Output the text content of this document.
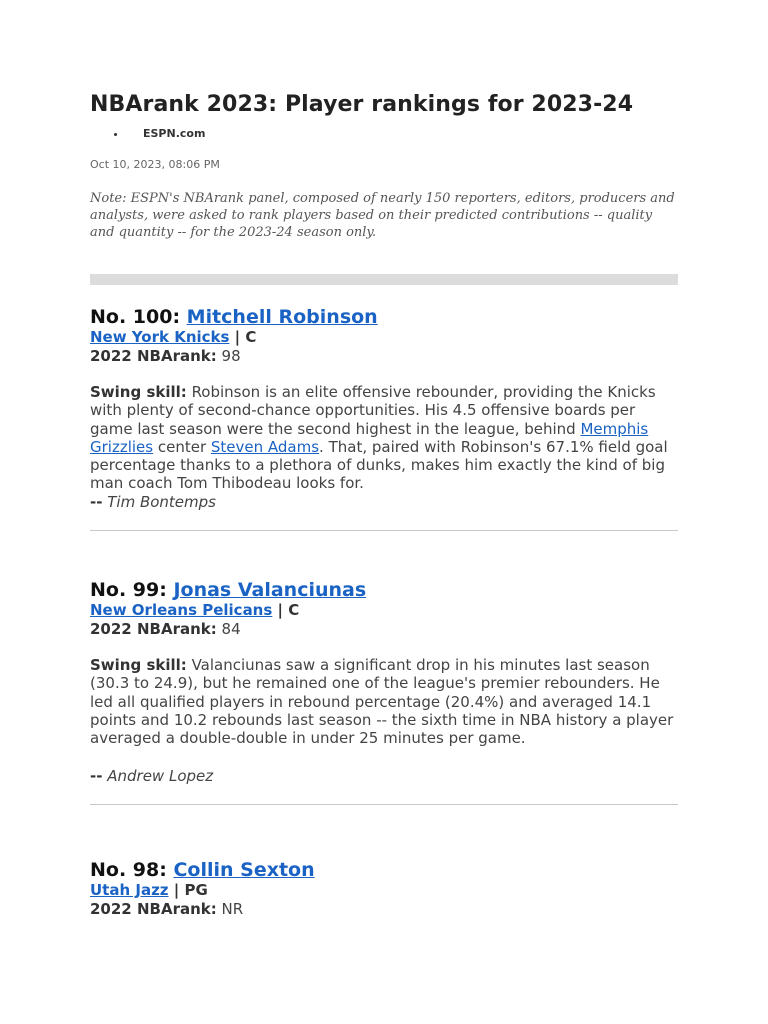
NBArank 2023: Player rankings for 2023-24
• ESPN.com
Oct 10, 2023, 08:06 PM
Note: ESPN's NBArank panel, composed of nearly 150 reporters, editors, producers and analysts, were asked to rank players based on their predicted contributions -- quality and quantity -- for the 2023-24 season only.
No. 100: Mitchell Robinson
New York Knicks | C
2022 NBArank: 98
Swing skill: Robinson is an elite offensive rebounder, providing the Knicks with plenty of second-chance opportunities. His 4.5 offensive boards per game last season were the second highest in the league, behind Memphis Grizzlies center Steven Adams. That, paired with Robinson's 67.1% field goal percentage thanks to a plethora of dunks, makes him exactly the kind of big man coach Tom Thibodeau looks for.
-- Tim Bontemps
No. 99: Jonas Valanciunas
New Orleans Pelicans | C
2022 NBArank: 84
Swing skill: Valanciunas saw a significant drop in his minutes last season (30.3 to 24.9), but he remained one of the league's premier rebounders. He led all qualified players in rebound percentage (20.4%) and averaged 14.1 points and 10.2 rebounds last season -- the sixth time in NBA history a player averaged a double-double in under 25 minutes per game.
-- Andrew Lopez
No. 98: Collin Sexton
Utah Jazz | PG
2022 NBArank: NR
